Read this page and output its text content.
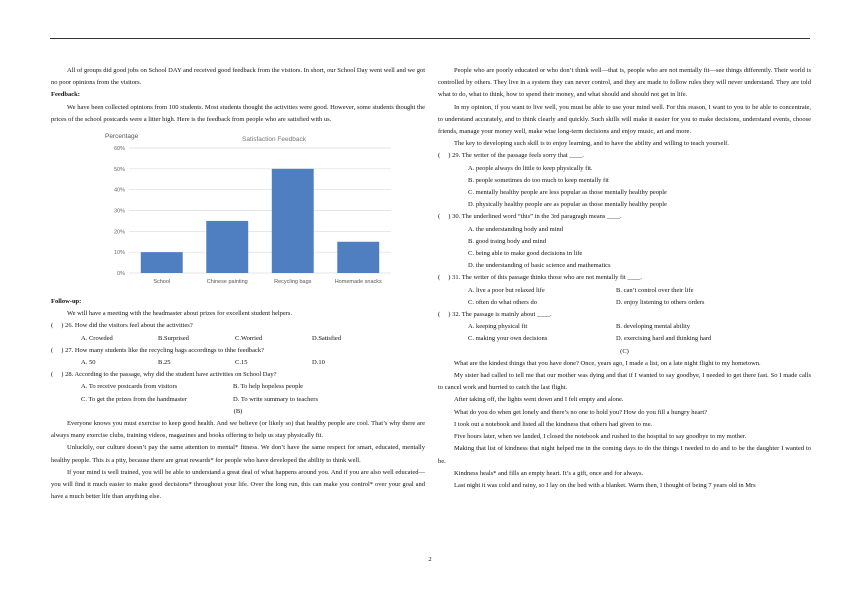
All of groups did good jobs on School DAY and received good feedback from the visitors. In short, our School Day went well and we got no poor opinions from the visitors.

Feedback:

We have been collected opinions from 100 students. Most students thought the activities were good. However, some students thought the prices of the school postcards were a litter high. Here is the feedback from people who are satisfied with us.

0%
10%
20%
30%
40%
50%
60%
School	Chinese painting	Recycling bags	Homemade snacks
Satisfaction Feedback
Percentage

Follow-up:

We will have a meeting with the headmaster about prizes for excellent student helpers.

(　 ) 26. How did the visitors feel about the activities?

A. Crowded	B.Surprised	C.Worried	D.Satisfied

(　 ) 27. How many students like the recycling bags accordings to thhe feedback?

A. 50	B.25	C.15	D.10

(　 ) 28. According to the passage, why did the student have activities on School Day?

A. To receive postcards from visitors	B. To help hopeless people
C. To get the prizes from the handmaster	D. To write summary to teachers

(B)

Everyone knows you must exercise to keep good health. And we believe (or likely so) that healthy people are cool. That’s why there are always many exercise clubs, training videos, magazines and books offering to help us stay physically fit.

Unluckily, our culture doesn’t pay the same attention to mental* fitness. We don’t have the same respect for smart, educated, mentally healthy people. This is a pity, because there are great rewards* for people who have developed the ability to think well.

If your mind is well trained, you will be able to understand a great deal of what happens around you. And if you are also well educated—you will find it much easier to make good decisions* throughout your life. Over the long run, this can make you control* over your goal and have a much better life than anything else.

People who are poorly educated or who don’t think well—that is, people who are not mentally fit—see things differently. Their world is controlled by others. They live in a system they can never control, and they are made to follow rules they will never understand. They are told what to do, what to think, how to spend their money, and what should and should not get in life.

In my opinion, if you want to live well, you must be able to use your mind well. For this reason, I want to you to be able to concentrate, to understand accurately, and to think clearly and quickly. Such skills will make it easier for you to make decisions, understand events, choose friends, manage your money well, make wise long-term decisions and enjoy music, art and more.

The key to developing such skill is to enjoy learning, and to have the ability and willing to teach yourself.

(　 ) 29. The writer of the passage feels sorry that ____.

A. people always do little to keep physically fit.

B. people sometimes do too much to keep mentally fit

C. mentally healthy people are less popular as those mentally healthy people

D. physically healthy people are as popular as those mentally healthy people

(　 ) 30. The underlined word “this” in the 3rd paragragh means ____.

A. the understanding body and mind

B. good traing body and mind

C. being able to make good decisions in life

D. the understanding of basic science and mathematics

(　 ) 31. The writer of this passage thinks those who are not mentally fit ____.

A. live a poor but relaxed life	B. can’t control over their life
C. often do what others do	D. enjoy listening to others orders

(　 ) 32. The passage is mainly about ____.

A. keeping physical fit	B. developing mental ability
C. making your own decisions	D. exercising hard and thinking hard

(C)

What are the kindest things that you have done? Once, years ago, I made a list, on a late night flight to my hometown.

My sister had called to tell me that our mother was dying and that if I wanted to say goodbye, I needed to get there fast. So I made calls to cancel work and hurried to catch the last flight.

After taking off, the lights went down and I felt empty and alone.

What do you do when get lonely and there’s no one to hold you? How do you fill a hungry heart?

I took out a notebook and listed all the kindness that others had given to me.

Five hours later, when we landed, I closed the notebook and rushed to the hospital to say goodbye to my mother.

Making that list of kindness that night helped me in the coming days to do the things I needed to do and to be the daughter I wanted to be.

Kindness heals* and fills an empty heart. It’s a gift, once and for always.

Last night it was cold and rainy, so I lay on the bed with a blanket. Warm then, I thought of being 7 years old in Mrs

2
